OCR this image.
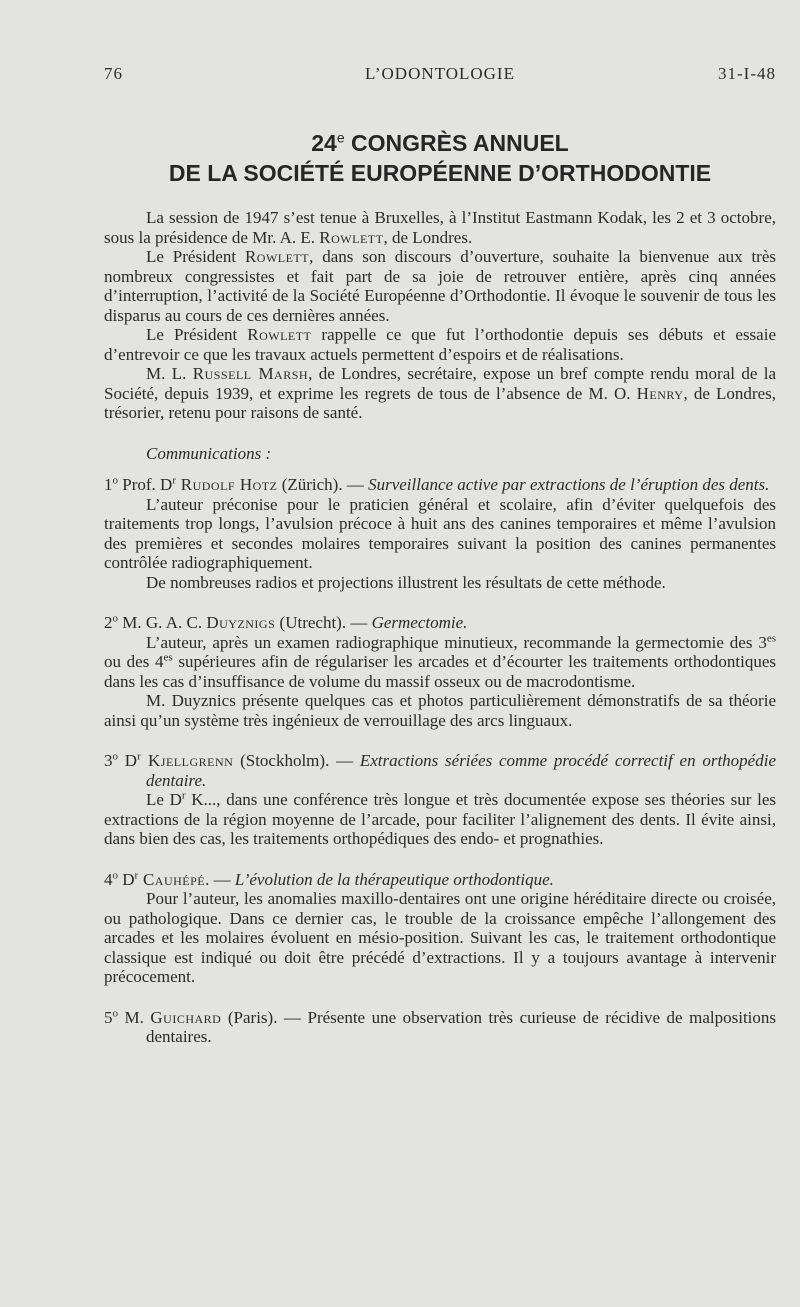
76	L’ODONTOLOGIE	31-I-48
24e CONGRÈS ANNUEL
DE LA SOCIÉTÉ EUROPÉENNE D’ORTHODONTIE

La session de 1947 s’est tenue à Bruxelles, à l’Institut Eastmann Kodak, les 2 et 3 octobre, sous la présidence de Mr. A. E. Rowlett, de Londres.

Le Président Rowlett, dans son discours d’ouverture, souhaite la bienvenue aux très nombreux congressistes et fait part de sa joie de retrouver entière, après cinq années d’interruption, l’activité de la Société Européenne d’Orthodontie. Il évoque le souvenir de tous les disparus au cours de ces dernières années.

Le Président Rowlett rappelle ce que fut l’orthodontie depuis ses débuts et essaie d’entrevoir ce que les travaux actuels permettent d’espoirs et de réalisations.

M. L. Russell Marsh, de Londres, secrétaire, expose un bref compte rendu moral de la Société, depuis 1939, et exprime les regrets de tous de l’absence de M. O. Henry, de Londres, trésorier, retenu pour raisons de santé.

Communications :

1$^o$ Prof. $D^r$ Rudolf Hotz (Zürich). — Surveillance active par extractions de l’éruption des dents.

L’auteur préconise pour le praticien général et scolaire, afin d’éviter quelquefois des traitements trop longs, l’avulsion précoce à huit ans des canines temporaires et même l’avulsion des premières et secondes molaires temporaires suivant la position des canines permanentes contrôlée radiographiquement.

De nombreuses radios et projections illustrent les résultats de cette méthode.

2$^o$ M. G. A. C. Duyznigs (Utrecht). — Germectomie.

L’auteur, après un examen radiographique minutieux, recommande la germectomie des $3^{es}$ ou des $4^{es}$ supérieures afin de régulariser les arcades et d’écourter les traitements orthodontiques dans les cas d’insuffisance de volume du massif osseux ou de macrodontisme.

M. Duyznics présente quelques cas et photos particulièrement démonstratifs de sa théorie ainsi qu’un système très ingénieux de verrouillage des arcs linguaux.

3$^o$ $D^r$ Kjellgrenn (Stockholm). — Extractions sériées comme procédé correctif en orthopédie dentaire.

Le $D^r$ K..., dans une conférence très longue et très documentée expose ses théories sur les extractions de la région moyenne de l’arcade, pour faciliter l’alignement des dents. Il évite ainsi, dans bien des cas, les traitements orthopédiques des endo- et prognathies.

4$^o$ $D^r$ Cauhépé. — L’évolution de la thérapeutique orthodontique.

Pour l’auteur, les anomalies maxillo-dentaires ont une origine héréditaire directe ou croisée, ou pathologique. Dans ce dernier cas, le trouble de la croissance empêche l’allongement des arcades et les molaires évoluent en mésio-position. Suivant les cas, le traitement orthodontique classique est indiqué ou doit être précédé d’extractions. Il y a toujours avantage à intervenir précocement.

5$^o$ M. Guichard (Paris). — Présente une observation très curieuse de récidive de malpositions dentaires.
